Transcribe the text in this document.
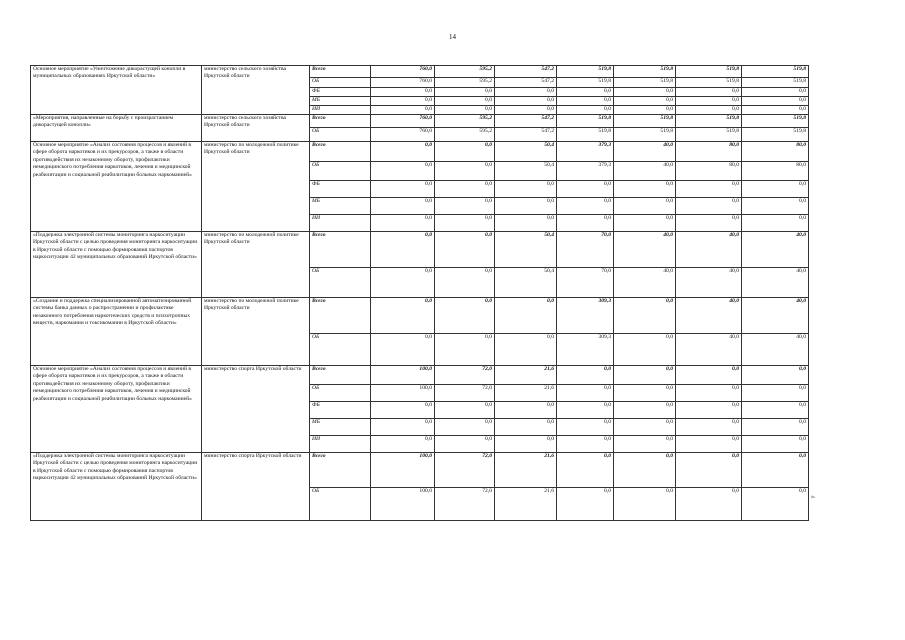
14
Основное мероприятие «Уничтожение дикорастущей конопли в муниципальных образованиях Иркутской области»	министерство сельского хозяйства Иркутской области	Всего	760,0	595,2	547,2	519,8	519,8	519,8	519,8
		ОБ	760,0	595,2	547,2	519,8	519,8	519,8	519,8
		ФБ	0,0	0,0	0,0	0,0	0,0	0,0	0,0
		МБ	0,0	0,0	0,0	0,0	0,0	0,0	0,0
		ИИ	0,0	0,0	0,0	0,0	0,0	0,0	0,0
«Мероприятия, направленные на борьбу с произрастанием дикорастущей конопли»	министерство сельского хозяйства Иркутской области	Всего	760,0	595,2	547,2	519,8	519,8	519,8	519,8
		ОБ	760,0	595,2	547,2	519,8	519,8	519,8	519,8
Основное мероприятие «Анализ состояния процессов и явлений в сфере оборота наркотиков и их прекурсоров, а также в области противодействия их незаконному обороту, профилактики немедицинского потребления наркотиков, лечения и медицинской реабилитации и социальной реабилитации больных наркоманией»	министерство по молодежной политике Иркутской области	Всего	0,0	0,0	50,4	379,3	40,0	80,0	80,0
		ОБ	0,0	0,0	50,4	379,3	40,0	80,0	80,0
		ФБ	0,0	0,0	0,0	0,0	0,0	0,0	0,0
		МБ	0,0	0,0	0,0	0,0	0,0	0,0	0,0
		ИИ	0,0	0,0	0,0	0,0	0,0	0,0	0,0
«Поддержка электронной системы мониторинга наркоситуации Иркутской области с целью проведения мониторинга наркоситуации в Иркутской области с помощью формирования паспортов наркоситуации 42 муниципальных образований Иркутской области»	министерство по молодежной политике Иркутской области	Всего	0,0	0,0	50,4	70,0	40,0	40,0	40,0
		ОБ	0,0	0,0	50,4	70,0	40,0	40,0	40,0
«Создание и поддержка специализированной автоматизированной системы банка данных о распространении и профилактике незаконного потребления наркотических средств и психотропных веществ, наркомании и токсикомании в Иркутской области»	министерство по молодежной политике Иркутской области	Всего	0,0	0,0	0,0	309,3	0,0	40,0	40,0
		ОБ	0,0	0,0	0,0	309,3	0,0	40,0	40,0
Основное мероприятие «Анализ состояния процессов и явлений в сфере оборота наркотиков и их прекурсоров, а также в области противодействия их незаконному обороту, профилактики немедицинского потребления наркотиков, лечения и медицинской реабилитации и социальной реабилитации больных наркоманией»	министерство спорта Иркутской области	Всего	100,0	72,0	21,6	0,0	0,0	0,0	0,0
		ОБ	100,0	72,0	21,6	0,0	0,0	0,0	0,0
		ФБ	0,0	0,0	0,0	0,0	0,0	0,0	0,0
		МБ	0,0	0,0	0,0	0,0	0,0	0,0	0,0
		ИИ	0,0	0,0	0,0	0,0	0,0	0,0	0,0
«Поддержка электронной системы мониторинга наркоситуации Иркутской области с целью проведения мониторинга наркоситуации в Иркутской области с помощью формирования паспортов наркоситуации 42 муниципальных образований Иркутской области»	министерство спорта Иркутской области	Всего	100,0	72,0	21,6	0,0	0,0	0,0	0,0
		ОБ	100,0	72,0	21,6	0,0	0,0	0,0	0,0
».
